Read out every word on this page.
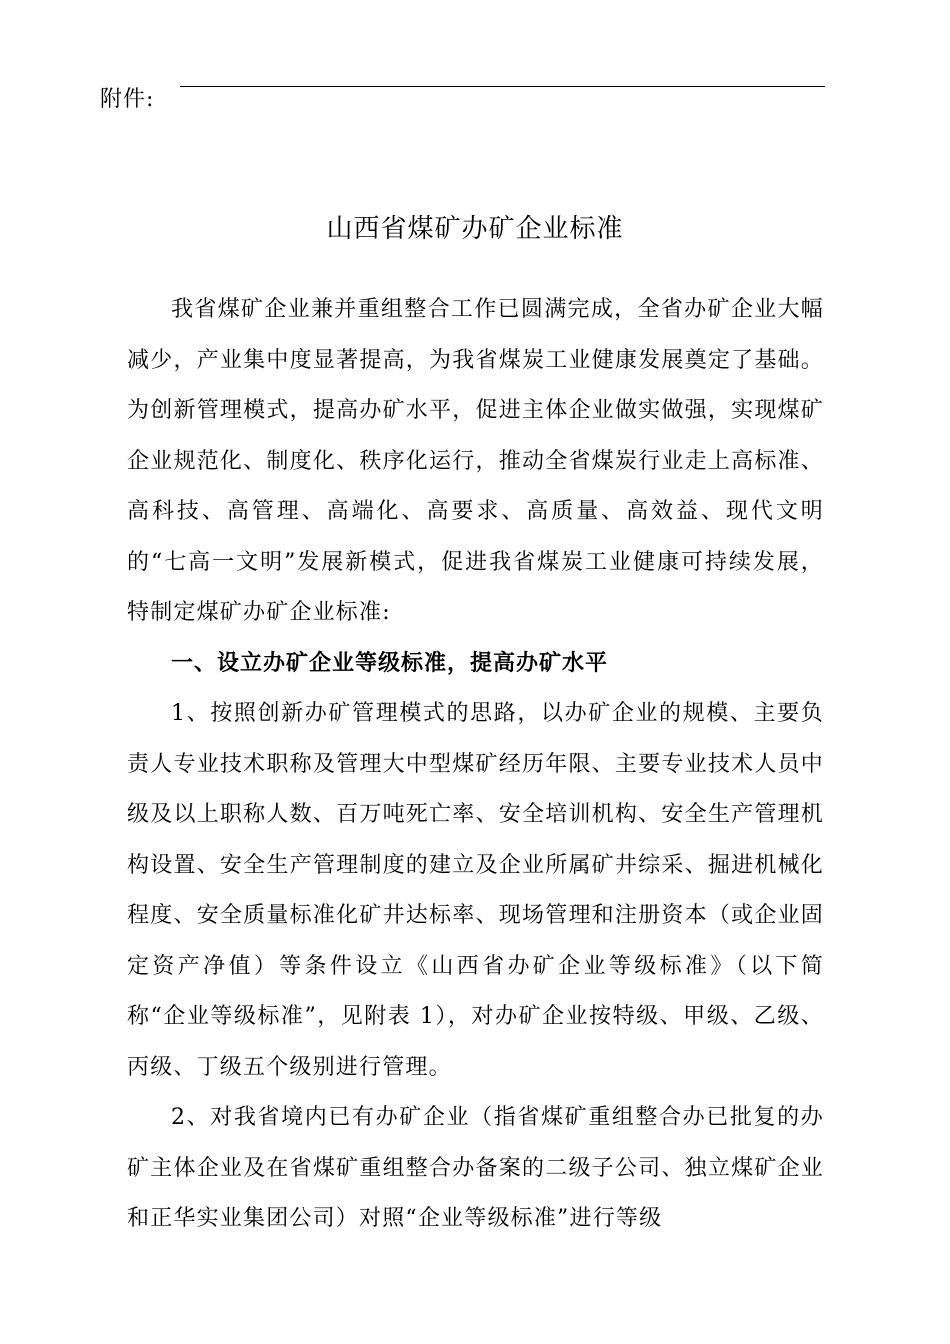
附件:
山西省煤矿办矿企业标准

我省煤矿企业兼并重组整合工作已圆满完成，全省办矿企业大幅减少，产业集中度显著提高，为我省煤炭工业健康发展奠定了基础。为创新管理模式，提高办矿水平，促进主体企业做实做强，实现煤矿企业规范化、制度化、秩序化运行，推动全省煤炭行业走上高标准、高科技、高管理、高端化、高要求、高质量、高效益、现代文明的“七高一文明”发展新模式，促进我省煤炭工业健康可持续发展，特制定煤矿办矿企业标准:

一、设立办矿企业等级标准，提高办矿水平

1、按照创新办矿管理模式的思路，以办矿企业的规模、主要负责人专业技术职称及管理大中型煤矿经历年限、主要专业技术人员中级及以上职称人数、百万吨死亡率、安全培训机构、安全生产管理机构设置、安全生产管理制度的建立及企业所属矿井综采、掘进机械化程度、安全质量标准化矿井达标率、现场管理和注册资本（或企业固定资产净值）等条件设立《山西省办矿企业等级标准》（以下简称“企业等级标准”，见附表 1），对办矿企业按特级、甲级、乙级、丙级、丁级五个级别进行管理。

2、对我省境内已有办矿企业（指省煤矿重组整合办已批复的办矿主体企业及在省煤矿重组整合办备案的二级子公司、独立煤矿企业和正华实业集团公司）对照“企业等级标准”进行等级
